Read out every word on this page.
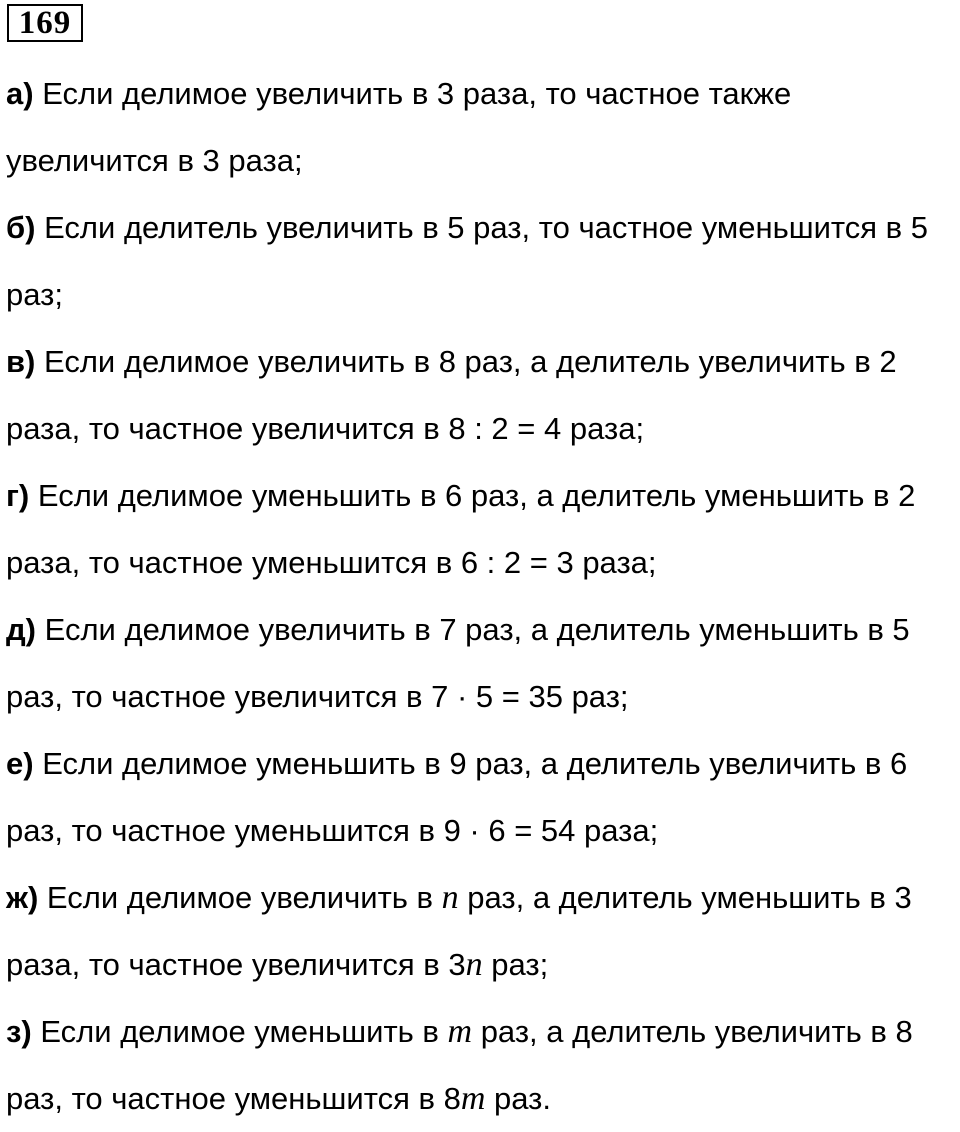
169

а) Если делимое увеличить в 3 раза, то частное также увеличится в 3 раза;

б) Если делитель увеличить в 5 раз, то частное уменьшится в 5 раз;

в) Если делимое увеличить в 8 раз, а делитель увеличить в 2 раза, то частное увеличится в 8 : 2 = 4 раза;

г) Если делимое уменьшить в 6 раз, а делитель уменьшить в 2 раза, то частное уменьшится в 6 : 2 = 3 раза;

д) Если делимое увеличить в 7 раз, а делитель уменьшить в 5 раз, то частное увеличится в 7 · 5 = 35 раз;

е) Если делимое уменьшить в 9 раз, а делитель увеличить в 6 раз, то частное уменьшится в 9 · 6 = 54 раза;

ж) Если делимое увеличить в n раз, а делитель уменьшить в 3 раза, то частное увеличится в 3n раз;

з) Если делимое уменьшить в m раз, а делитель увеличить в 8 раз, то частное уменьшится в 8m раз.
